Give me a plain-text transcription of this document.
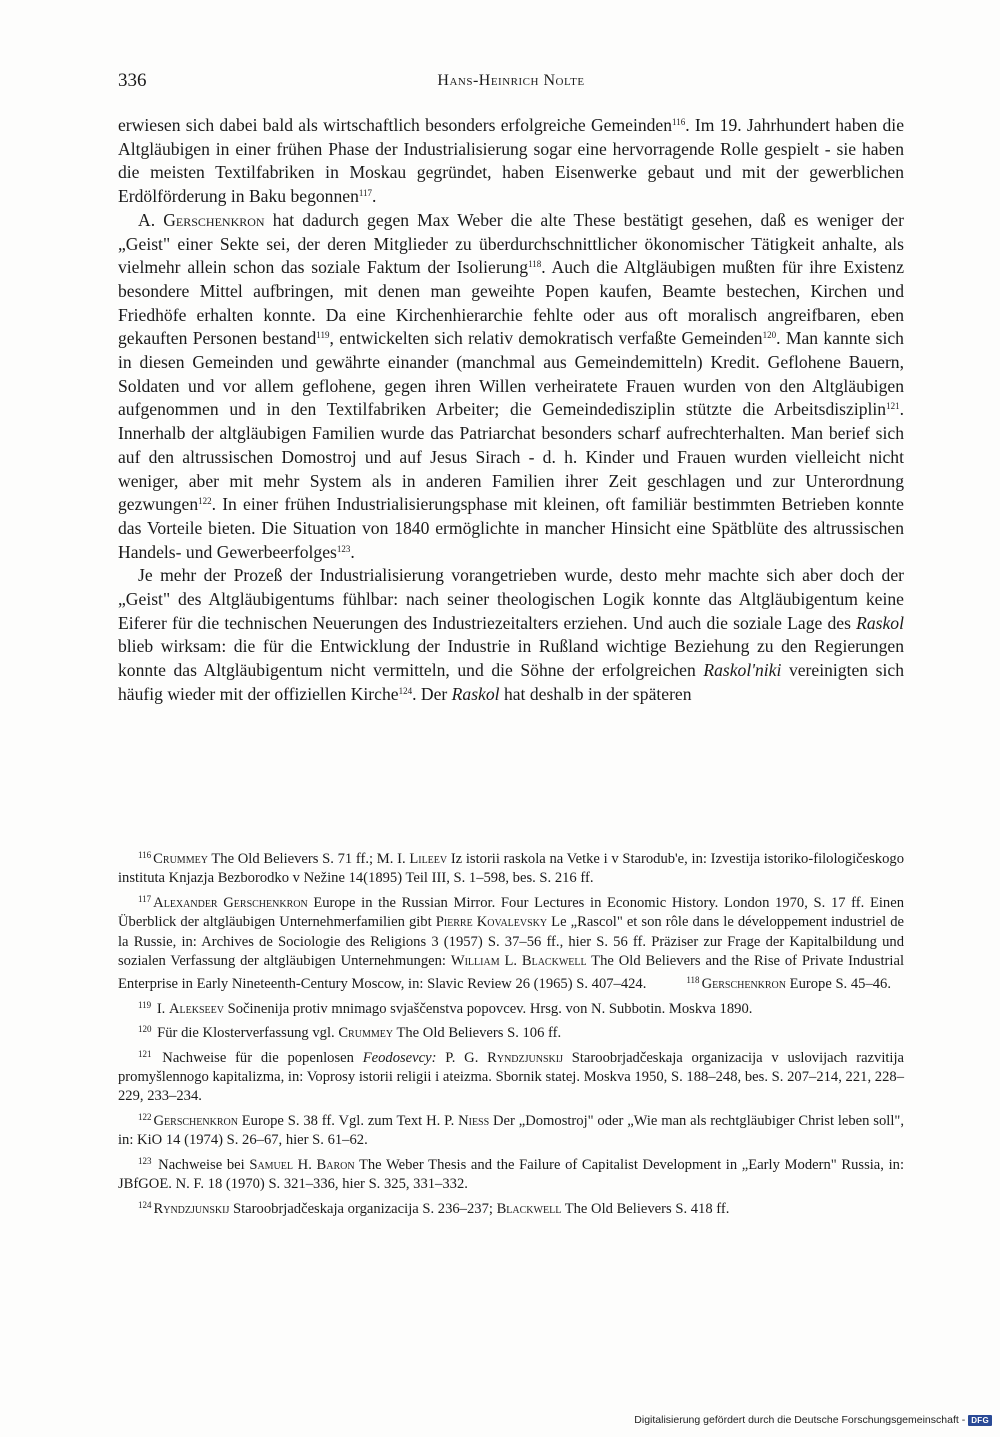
336	Hans-Heinrich Nolte

erwiesen sich dabei bald als wirtschaftlich besonders erfolgreiche Gemeinden$^{116}$. Im 19. Jahrhundert haben die Altgläubigen in einer frühen Phase der Industrialisierung sogar eine hervorragende Rolle gespielt - sie haben die meisten Textilfabriken in Moskau gegründet, haben Eisenwerke gebaut und mit der gewerblichen Erdölförderung in Baku begonnen$^{117}$.

A. Gerschenkron hat dadurch gegen Max Weber die alte These bestätigt gesehen, daß es weniger der „Geist" einer Sekte sei, der deren Mitglieder zu überdurchschnittlicher ökonomischer Tätigkeit anhalte, als vielmehr allein schon das soziale Faktum der Isolierung$^{118}$. Auch die Altgläubigen mußten für ihre Existenz besondere Mittel aufbringen, mit denen man geweihte Popen kaufen, Beamte bestechen, Kirchen und Friedhöfe erhalten konnte. Da eine Kirchenhierarchie fehlte oder aus oft moralisch angreifbaren, eben gekauften Personen bestand$^{119}$, entwickelten sich relativ demokratisch verfaßte Gemeinden$^{120}$. Man kannte sich in diesen Gemeinden und gewährte einander (manchmal aus Gemeindemitteln) Kredit. Geflohene Bauern, Soldaten und vor allem geflohene, gegen ihren Willen verheiratete Frauen wurden von den Altgläubigen aufgenommen und in den Textilfabriken Arbeiter; die Gemeindedisziplin stützte die Arbeitsdisziplin$^{121}$. Innerhalb der altgläubigen Familien wurde das Patriarchat besonders scharf aufrechterhalten. Man berief sich auf den altrussischen Domostroj und auf Jesus Sirach - d. h. Kinder und Frauen wurden vielleicht nicht weniger, aber mit mehr System als in anderen Familien ihrer Zeit geschlagen und zur Unterordnung gezwungen$^{122}$. In einer frühen Industrialisierungsphase mit kleinen, oft familiär bestimmten Betrieben konnte das Vorteile bieten. Die Situation von 1840 ermöglichte in mancher Hinsicht eine Spätblüte des altrussischen Handels- und Gewerbeerfolges$^{123}$.

Je mehr der Prozeß der Industrialisierung vorangetrieben wurde, desto mehr machte sich aber doch der „Geist" des Altgläubigentums fühlbar: nach seiner theologischen Logik konnte das Altgläubigentum keine Eiferer für die technischen Neuerungen des Industriezeitalters erziehen. Und auch die soziale Lage des Raskol blieb wirksam: die für die Entwicklung der Industrie in Rußland wichtige Beziehung zu den Regierungen konnte das Altgläubigentum nicht vermitteln, und die Söhne der erfolgreichen Raskol'niki vereinigten sich häufig wieder mit der offiziellen Kirche$^{124}$. Der Raskol hat deshalb in der späteren

$^{116}$ Crummey The Old Believers S. 71 ff.; M. I. Lileev Iz istorii raskola na Vetke i v Starodub'e, in: Izvestija istoriko-filologičeskogo instituta Knjazja Bezborodko v Nežine 14(1895) Teil III, S. 1–598, bes. S. 216 ff.

$^{117}$ Alexander Gerschenkron Europe in the Russian Mirror. Four Lectures in Economic History. London 1970, S. 17 ff. Einen Überblick der altgläubigen Unternehmerfamilien gibt Pierre Kovalevsky Le „Rascol" et son rôle dans le développement industriel de la Russie, in: Archives de Sociologie des Religions 3 (1957) S. 37–56 ff., hier S. 56 ff. Präziser zur Frage der Kapitalbildung und sozialen Verfassung der altgläubigen Unternehmungen: William L. Blackwell The Old Believers and the Rise of Private Industrial Enterprise in Early Nineteenth-Century Moscow, in: Slavic Review 26 (1965) S. 407–424.	$^{118}$ Gerschenkron Europe S. 45–46.

$^{119}$ I. Alekseev Sočinenija protiv mnimago svjaščenstva popovcev. Hrsg. von N. Subbotin. Moskva 1890.

$^{120}$ Für die Klosterverfassung vgl. Crummey The Old Believers S. 106 ff.

$^{121}$ Nachweise für die popenlosen Feodosevcy: P. G. Ryndzjunskij Staroobrjadčeskaja organizacija v uslovijach razvitija promyšlennogo kapitalizma, in: Voprosy istorii religii i ateizma. Sbornik statej. Moskva 1950, S. 188–248, bes. S. 207–214, 221, 228–229, 233–234.

$^{122}$ Gerschenkron Europe S. 38 ff. Vgl. zum Text H. P. Niess Der „Domostroj" oder „Wie man als rechtgläubiger Christ leben soll", in: KiO 14 (1974) S. 26–67, hier S. 61–62.

$^{123}$ Nachweise bei Samuel H. Baron The Weber Thesis and the Failure of Capitalist Development in „Early Modern" Russia, in: JBfGOE. N. F. 18 (1970) S. 321–336, hier S. 325, 331–332.

$^{124}$ Ryndzjunskij Staroobrjadčeskaja organizacija S. 236–237; Blackwell The Old Believers S. 418 ff.

Digitalisierung gefördert durch die Deutsche Forschungsgemeinschaft - DFG
